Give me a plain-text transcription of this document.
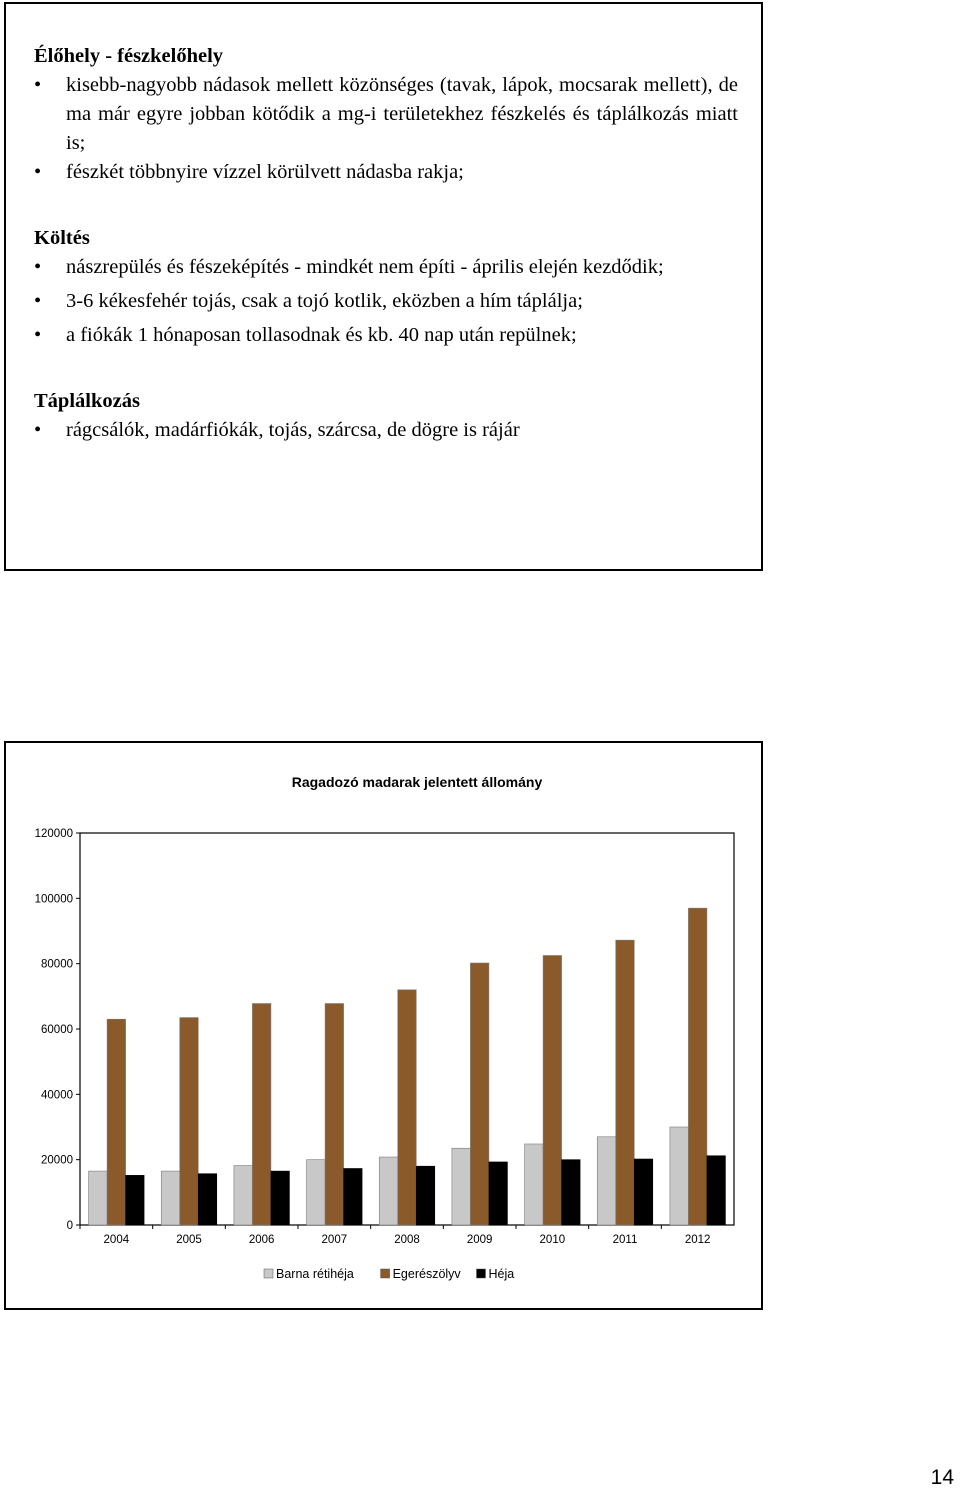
Élőhely - fészkelőhely
• kisebb-nagyobb nádasok mellett közönséges (tavak, lápok, mocsarak mellett), de ma már egyre jobban kötődik a mg-i területekhez fészkelés és táplálkozás miatt is;
• fészkét többnyire vízzel körülvett nádasba rakja;
Költés
• nászrepülés és fészeképítés - mindkét nem építi - április elején kezdődik;
• 3-6 kékesfehér tojás, csak a tojó kotlik, eközben a hím táplálja;
• a fiókák 1 hónaposan tollasodnak és kb. 40 nap után repülnek;
Táplálkozás
• rágcsálók, madárfiókák, tojás, szárcsa, de dögre is rájár
Ragadozó madarak jelentett állomány
0
20000
40000
60000
80000
100000
120000
2004	2005	2006	2007	2008	2009	2010	2011	2012
Barna rétihéja	Egerészölyv Héja
14
